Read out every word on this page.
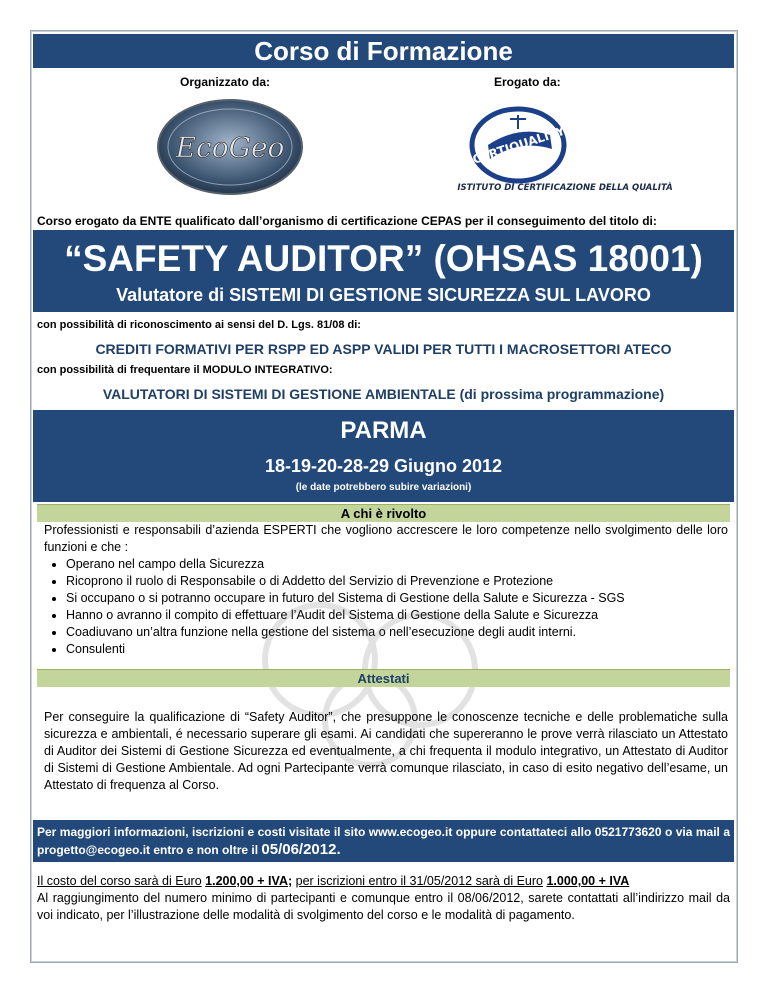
Corso di Formazione
Organizzato da:	Erogato da:
EcoGeo	CERTIQUALITY
ISTITUTO DI CERTIFICAZIONE DELLA QUALITÀ
Corso erogato da ENTE qualificato dall’organismo di certificazione CEPAS per il conseguimento del titolo di:
“SAFETY AUDITOR” (OHSAS 18001)
Valutatore di SISTEMI DI GESTIONE SICUREZZA SUL LAVORO
con possibilità di riconoscimento ai sensi del D. Lgs. 81/08 di:
CREDITI FORMATIVI PER RSPP ED ASPP VALIDI PER TUTTI I MACROSETTORI ATECO
con possibilità di frequentare il MODULO INTEGRATIVO:
VALUTATORI DI SISTEMI DI GESTIONE AMBIENTALE (di prossima programmazione)
PARMA
18-19-20-28-29 Giugno 2012
(le date potrebbero subire variazioni)
A chi è rivolto
Professionisti e responsabili d’azienda ESPERTI che vogliono accrescere le loro competenze nello svolgimento delle loro funzioni e che :
• Operano nel campo della Sicurezza
• Ricoprono il ruolo di Responsabile o di Addetto del Servizio di Prevenzione e Protezione
• Si occupano o si potranno occupare in futuro del Sistema di Gestione della Salute e Sicurezza - SGS
• Hanno o avranno il compito di effettuare l’Audit del Sistema di Gestione della Salute e Sicurezza
• Coadiuvano un’altra funzione nella gestione del sistema o nell’esecuzione degli audit interni.
• Consulenti
Attestati
Per conseguire la qualificazione di “Safety Auditor”, che presuppone le conoscenze tecniche e delle problematiche sulla sicurezza e ambientali, é necessario superare gli esami. Ai candidati che supereranno le prove verrà rilasciato un Attestato di Auditor dei Sistemi di Gestione Sicurezza ed eventualmente, a chi frequenta il modulo integrativo, un Attestato di Auditor di Sistemi di Gestione Ambientale. Ad ogni Partecipante verrà comunque rilasciato, in caso di esito negativo dell’esame, un Attestato di frequenza al Corso.
Per maggiori informazioni, iscrizioni e costi visitate il sito www.ecogeo.it oppure contattateci allo 0521773620 o via mail a progetto@ecogeo.it entro e non oltre il 05/06/2012.
Il costo del corso sarà di Euro 1.200,00 + IVA; per iscrizioni entro il 31/05/2012 sarà di Euro 1.000,00 + IVA
Al raggiungimento del numero minimo di partecipanti e comunque entro il 08/06/2012, sarete contattati all’indirizzo mail da voi indicato, per l’illustrazione delle modalità di svolgimento del corso e le modalità di pagamento.
